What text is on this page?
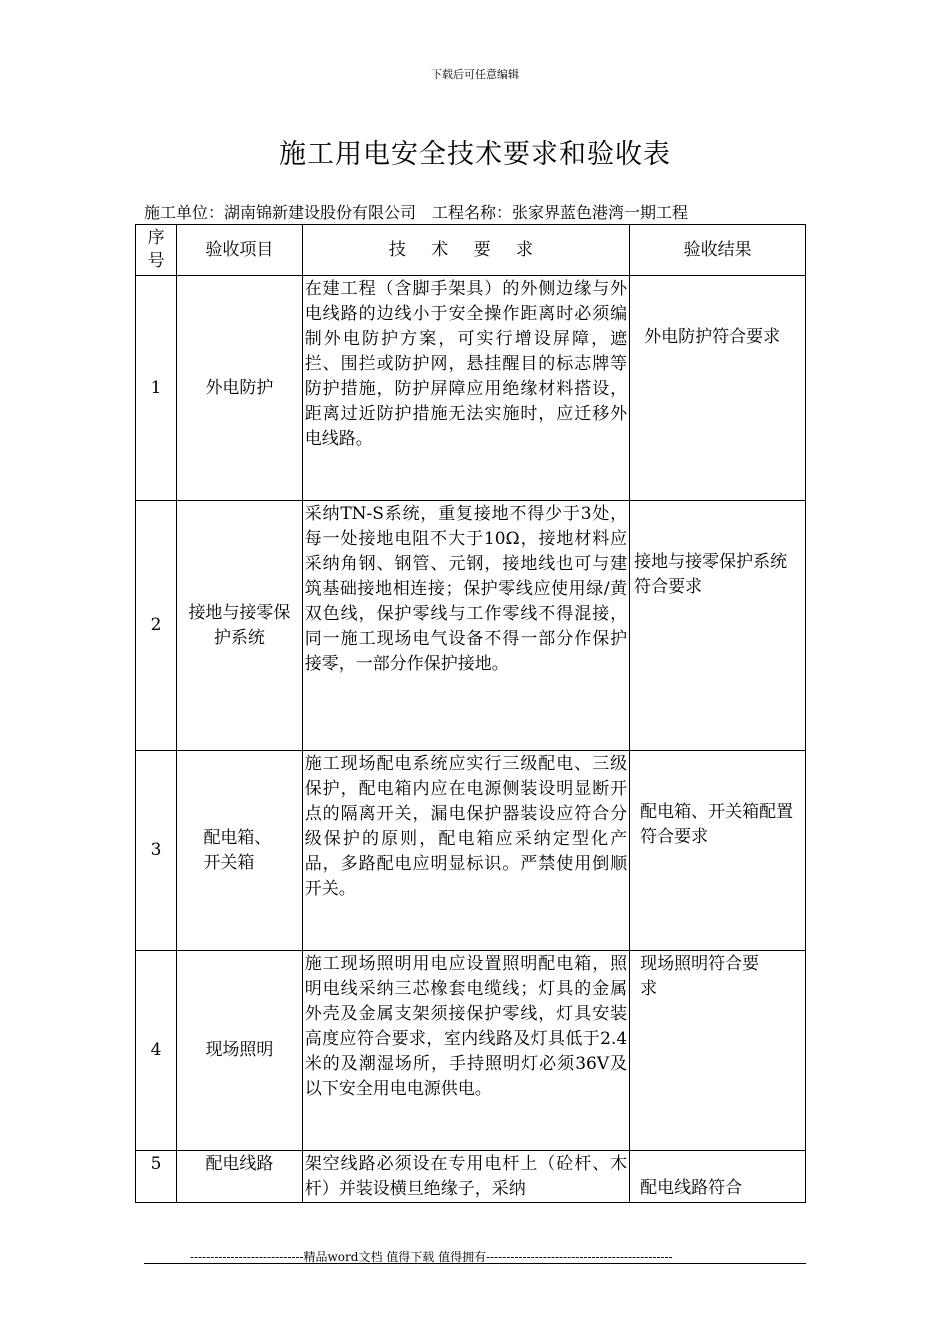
下载后可任意编辑
施工用电安全技术要求和验收表
施工单位：湖南锦新建设股份有限公司 工程名称：张家界蓝色港湾一期工程
序号	验收项目	技 术 要 求	验收结果
1	外电防护	在建工程（含脚手架具）的外侧边缘与外电线路的边线小于安全操作距离时必须编制外电防护方案，可实行增设屏障，遮拦、围拦或防护网，悬挂醒目的标志牌等防护措施，防护屏障应用绝缘材料搭设，距离过近防护措施无法实施时，应迁移外电线路。	外电防护符合要求

2	接地与接零保护系统	采纳TN-S系统，重复接地不得少于3处，每一处接地电阻不大于10Ω，接地材料应采纳角钢、钢管、元钢，接地线也可与建筑基础接地相连接；保护零线应使用绿/黄双色线，保护零线与工作零线不得混接，同一施工现场电气设备不得一部分作保护接零，一部分作保护接地。	接地与接零保护系统符合要求

3	配电箱、开关箱	施工现场配电系统应实行三级配电、三级保护，配电箱内应在电源侧装设明显断开点的隔离开关，漏电保护器装设应符合分级保护的原则，配电箱应采纳定型化产品，多路配电应明显标识。严禁使用倒顺开关。	配电箱、开关箱配置符合要求

4	现场照明	施工现场照明用电应设置照明配电箱，照明电线采纳三芯橡套电缆线；灯具的金属外壳及金属支架须接保护零线，灯具安装高度应符合要求，室内线路及灯具低于2.4米的及潮湿场所，手持照明灯必须36V及以下安全用电电源供电。	现场照明符合要求

5	配电线路	架空线路必须设在专用电杆上（砼杆、木杆）并装设横旦绝缘子，采纳	配电线路符合
----------------------------精品word文档 值得下载 值得拥有----------------------------------------------
